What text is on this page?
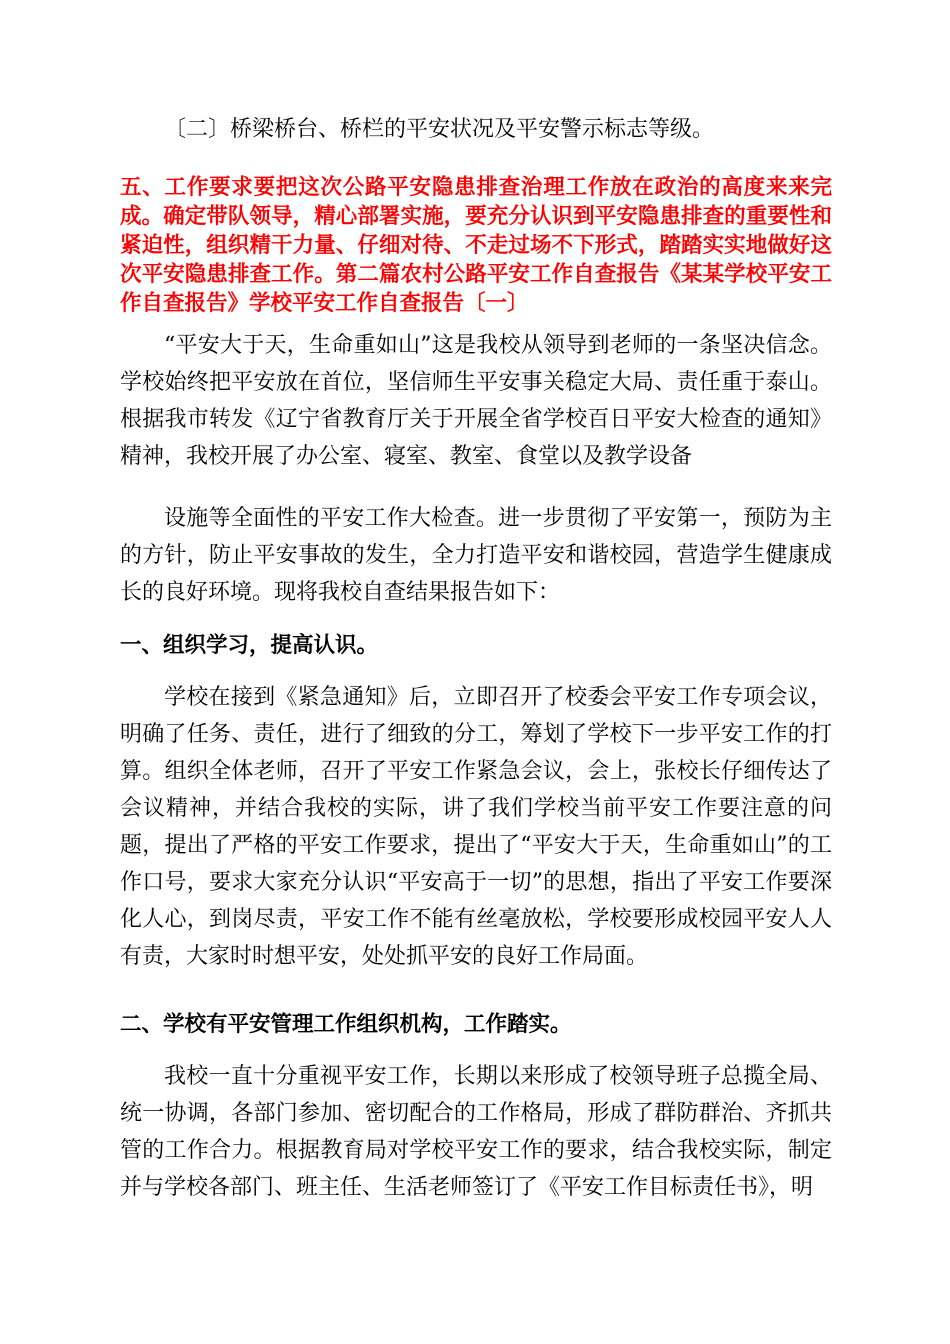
〔二〕桥梁桥台、桥栏的平安状况及平安警示标志等级。

五、工作要求要把这次公路平安隐患排查治理工作放在政治的高度来来完成。确定带队领导，精心部署实施，要充分认识到平安隐患排查的重要性和紧迫性，组织精干力量、仔细对待、不走过场不下形式，踏踏实实地做好这次平安隐患排查工作。第二篇农村公路平安工作自查报告《某某学校平安工作自查报告》学校平安工作自查报告〔一〕

“平安大于天，生命重如山”这是我校从领导到老师的一条坚决信念。学校始终把平安放在首位，坚信师生平安事关稳定大局、责任重于泰山。根据我市转发《辽宁省教育厅关于开展全省学校百日平安大检查的通知》精神，我校开展了办公室、寝室、教室、食堂以及教学设备

设施等全面性的平安工作大检查。进一步贯彻了平安第一，预防为主的方针，防止平安事故的发生，全力打造平安和谐校园，营造学生健康成长的良好环境。现将我校自查结果报告如下：

一、组织学习，提高认识。

学校在接到《紧急通知》后，立即召开了校委会平安工作专项会议，明确了任务、责任，进行了细致的分工，筹划了学校下一步平安工作的打算。组织全体老师，召开了平安工作紧急会议，会上，张校长仔细传达了会议精神，并结合我校的实际，讲了我们学校当前平安工作要注意的问题，提出了严格的平安工作要求，提出了“平安大于天，生命重如山”的工作口号，要求大家充分认识“平安高于一切”的思想，指出了平安工作要深化人心，到岗尽责，平安工作不能有丝毫放松，学校要形成校园平安人人有责，大家时时想平安，处处抓平安的良好工作局面。

二、学校有平安管理工作组织机构，工作踏实。

我校一直十分重视平安工作，长期以来形成了校领导班子总揽全局、统一协调，各部门参加、密切配合的工作格局，形成了群防群治、齐抓共管的工作合力。根据教育局对学校平安工作的要求，结合我校实际，制定并与学校各部门、班主任、生活老师签订了《平安工作目标责任书》，明
